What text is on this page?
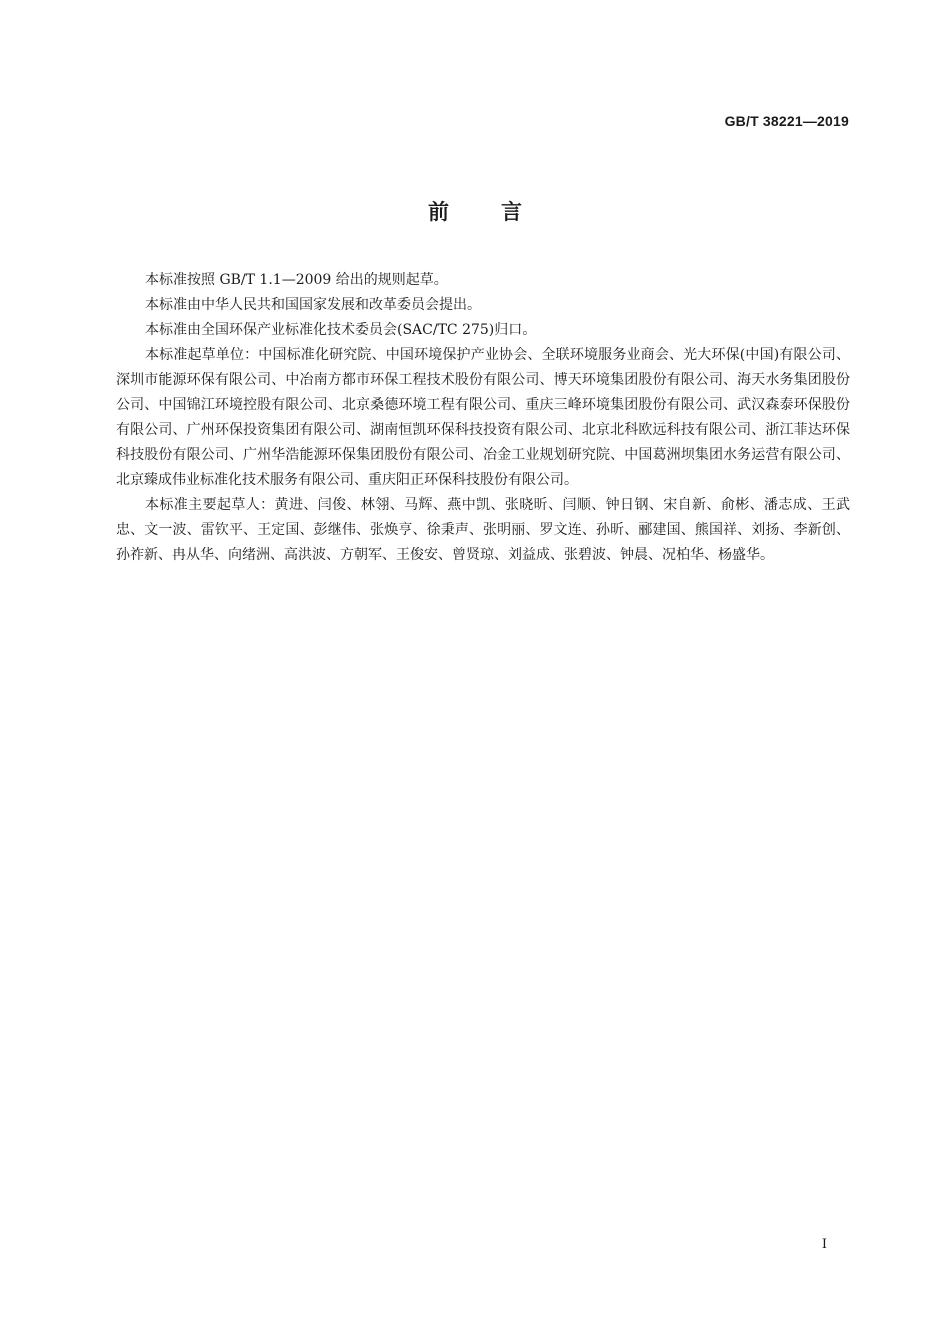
GB/T 38221—2019
前言

本标准按照 GB/T 1.1—2009 给出的规则起草。

本标准由中华人民共和国国家发展和改革委员会提出。

本标准由全国环保产业标准化技术委员会(SAC/TC 275)归口。

本标准起草单位：中国标准化研究院、中国环境保护产业协会、全联环境服务业商会、光大环保(中国)有限公司、深圳市能源环保有限公司、中冶南方都市环保工程技术股份有限公司、博天环境集团股份有限公司、海天水务集团股份公司、中国锦江环境控股有限公司、北京桑德环境工程有限公司、重庆三峰环境集团股份有限公司、武汉森泰环保股份有限公司、广州环保投资集团有限公司、湖南恒凯环保科技投资有限公司、北京北科欧远科技有限公司、浙江菲达环保科技股份有限公司、广州华浩能源环保集团股份有限公司、冶金工业规划研究院、中国葛洲坝集团水务运营有限公司、北京臻成伟业标准化技术服务有限公司、重庆阳正环保科技股份有限公司。

本标准主要起草人：黄进、闫俊、林翎、马辉、燕中凯、张晓昕、闫顺、钟日钢、宋自新、俞彬、潘志成、王武忠、文一波、雷钦平、王定国、彭继伟、张焕亨、徐秉声、张明丽、罗文连、孙昕、郦建国、熊国祥、刘扬、李新创、孙祚新、冉从华、向绪洲、高洪波、方朝军、王俊安、曾贤琼、刘益成、张碧波、钟晨、况柏华、杨盛华。

I
